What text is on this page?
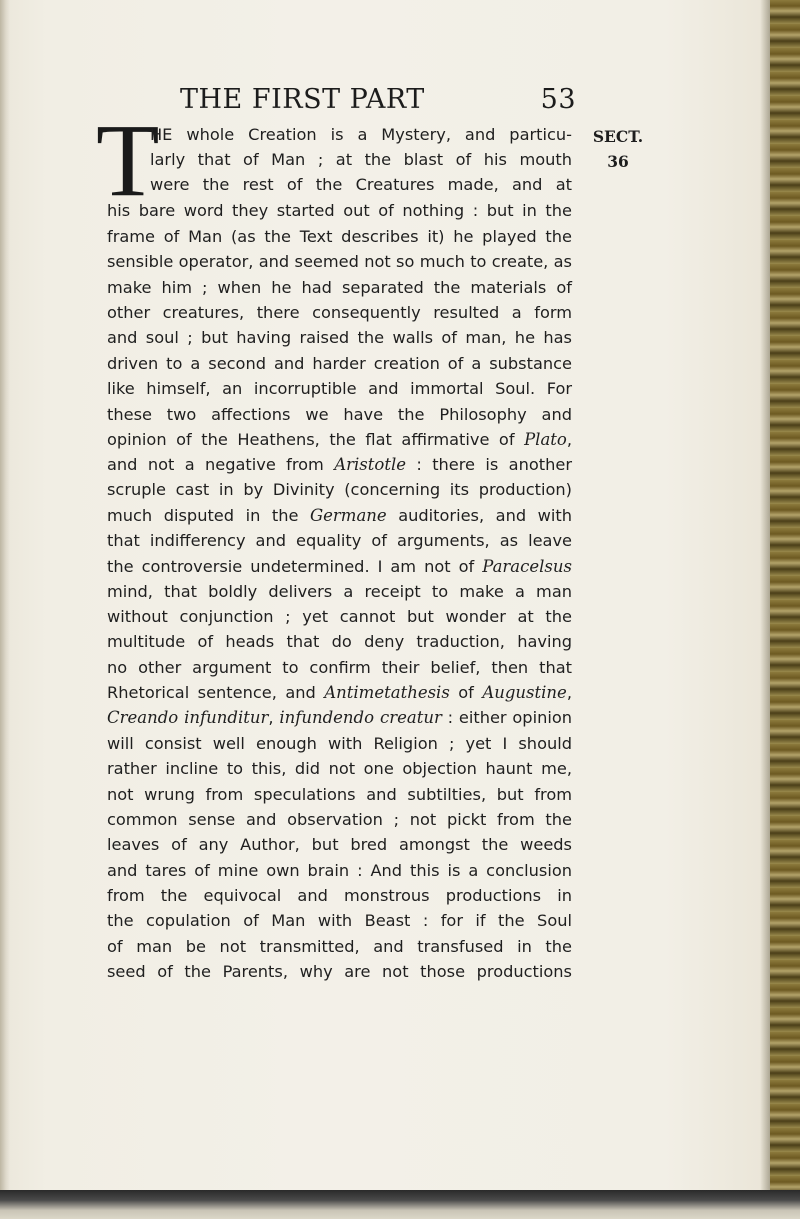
THE FIRST PART	53
SECT.
36
T
HE whole Creation is a Mystery, and particu-
larly that of Man ; at the blast of his mouth
were the rest of the Creatures made, and at
his bare word they started out of nothing : but in the
frame of Man (as the Text describes it) he played the
sensible operator, and seemed not so much to create, as
make him ; when he had separated the materials of
other creatures, there consequently resulted a form
and soul ; but having raised the walls of man, he has
driven to a second and harder creation of a substance
like himself, an incorruptible and immortal Soul. For
these two affections we have the Philosophy and
opinion of the Heathens, the flat affirmative of Plato,
and not a negative from Aristotle : there is another
scruple cast in by Divinity (concerning its production)
much disputed in the Germane auditories, and with
that indifferency and equality of arguments, as leave
the controversie undetermined. I am not of Paracelsus
mind, that boldly delivers a receipt to make a man
without conjunction ; yet cannot but wonder at the
multitude of heads that do deny traduction, having
no other argument to confirm their belief, then that
Rhetorical sentence, and Antimetathesis of Augustine,
Creando infunditur, infundendo creatur : either opinion
will consist well enough with Religion ; yet I should
rather incline to this, did not one objection haunt me,
not wrung from speculations and subtilties, but from
common sense and observation ; not pickt from the
leaves of any Author, but bred amongst the weeds
and tares of mine own brain : And this is a conclusion
from the equivocal and monstrous productions in
the copulation of Man with Beast : for if the Soul
of man be not transmitted, and transfused in the
seed of the Parents, why are not those productions
